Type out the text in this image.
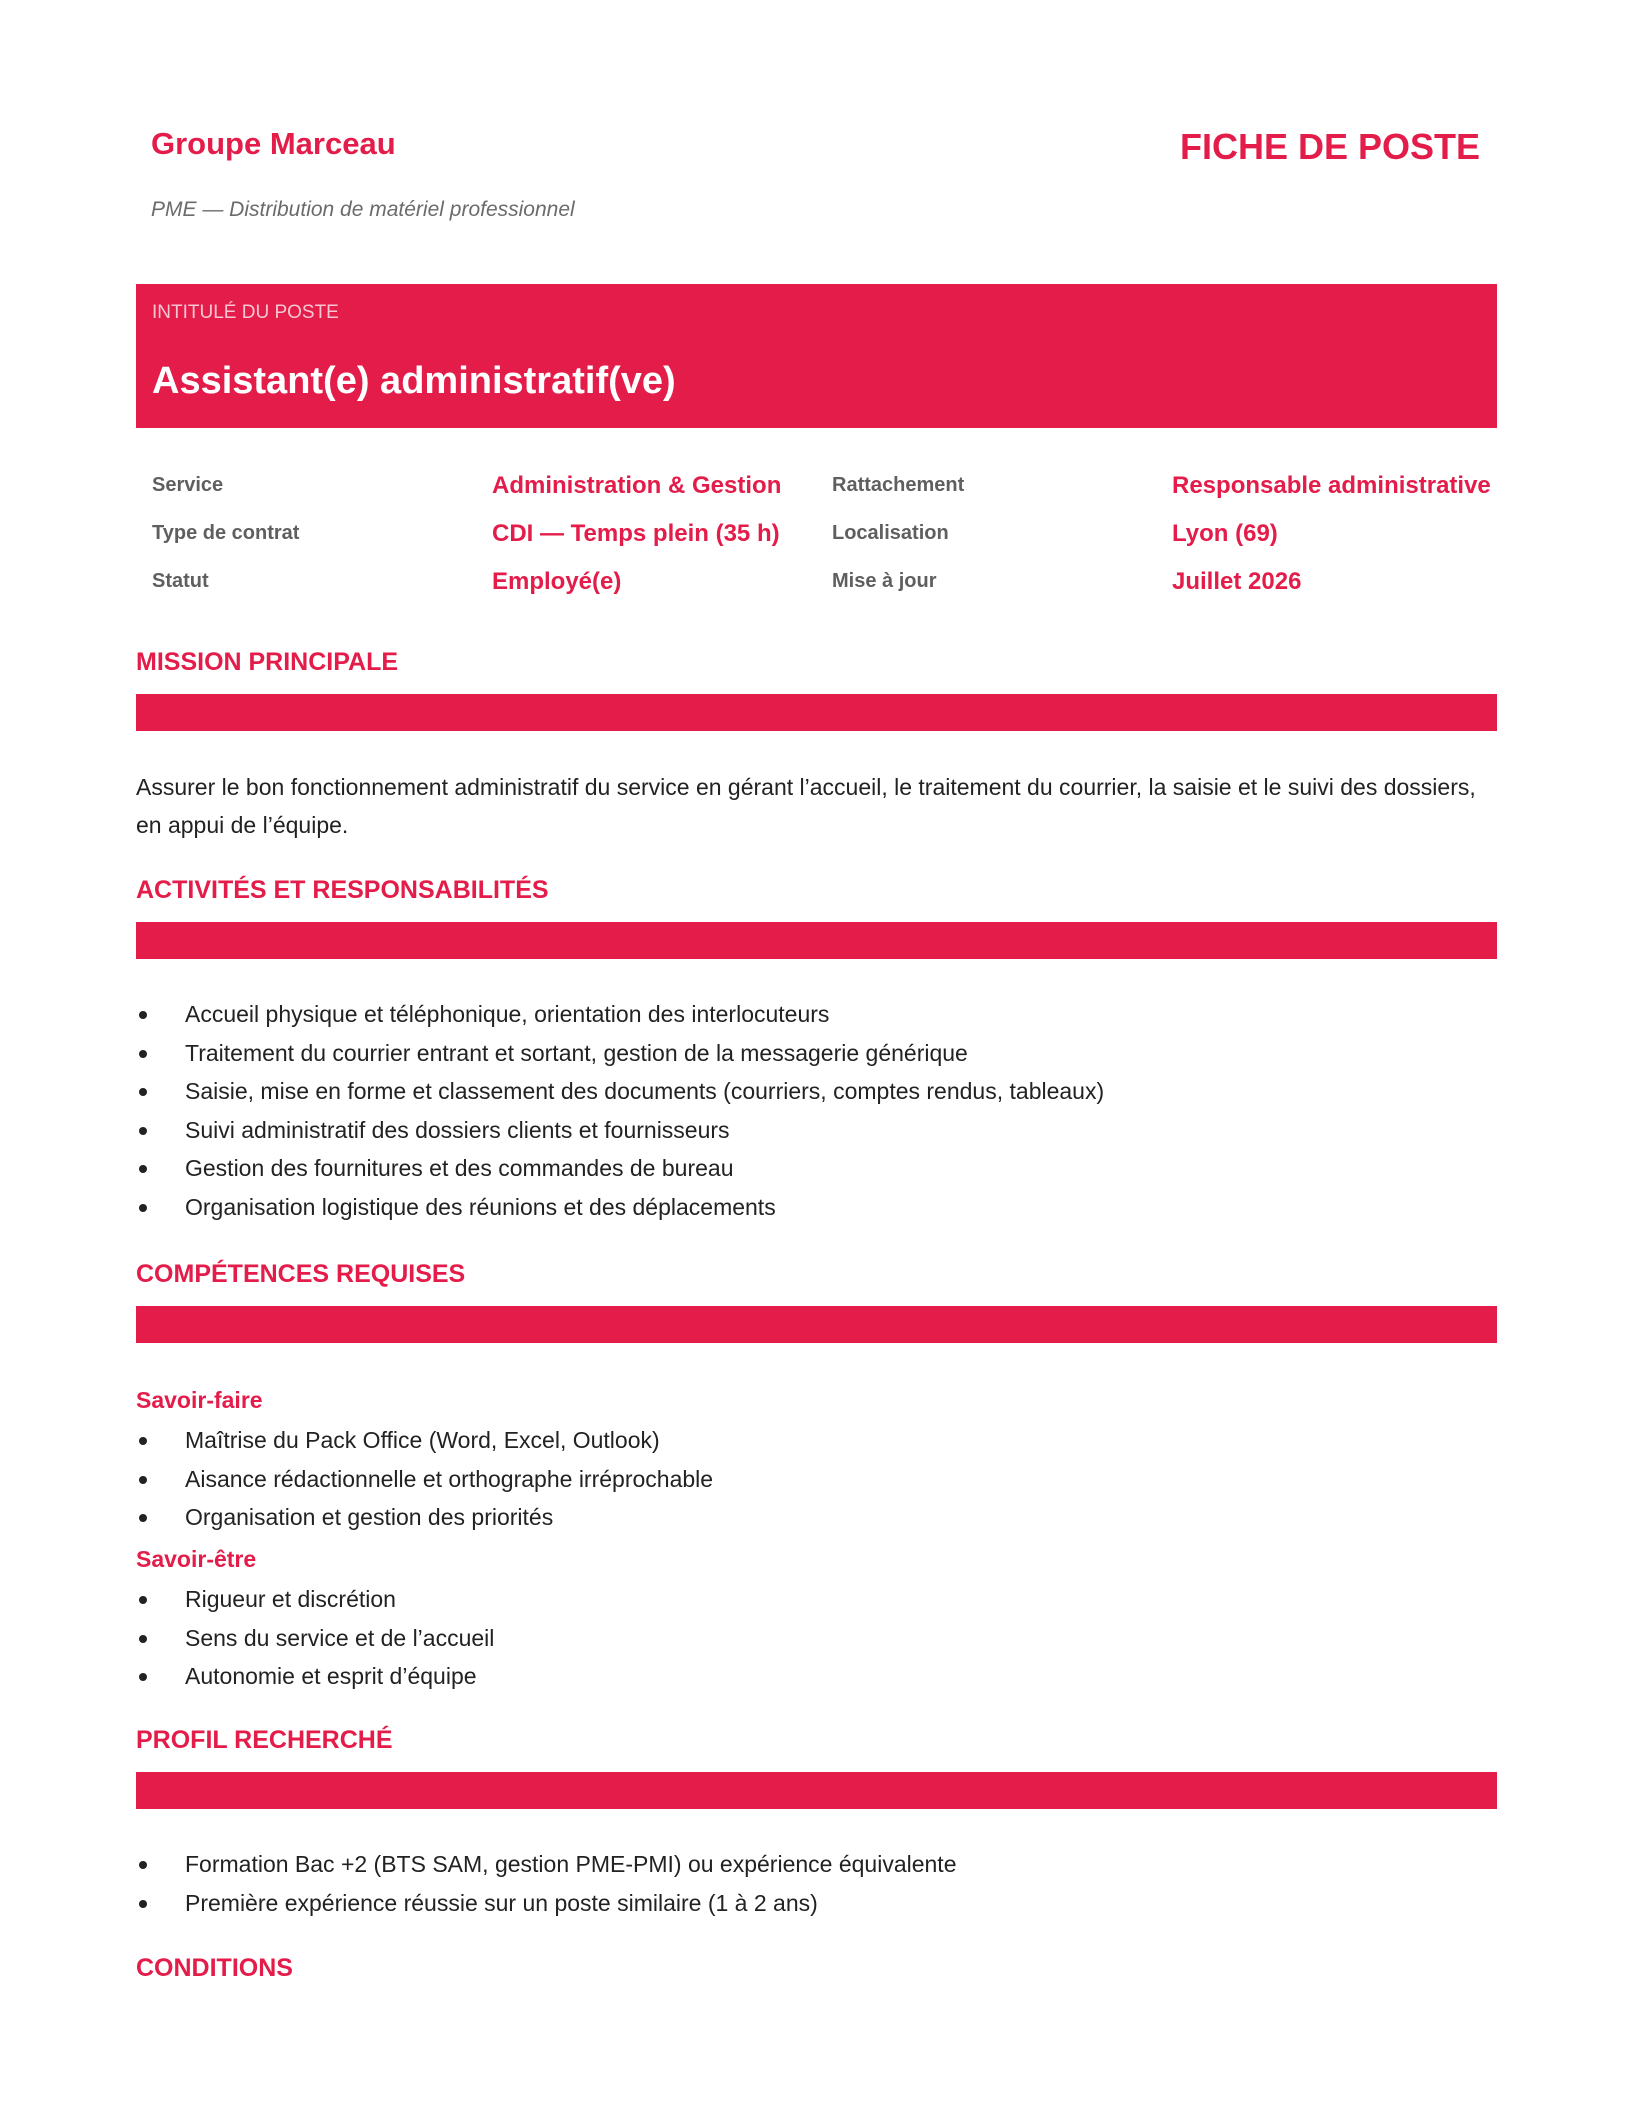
Groupe Marceau	FICHE DE POSTE
PME — Distribution de matériel professionnel
INTITULÉ DU POSTE
Assistant(e) administratif(ve)
Service	Administration & Gestion	Rattachement	Responsable administrative
Type de contrat	CDI — Temps plein (35 h)	Localisation	Lyon (69)
Statut	Employé(e)	Mise à jour	Juillet 2026
MISSION PRINCIPALE
Assurer le bon fonctionnement administratif du service en gérant l’accueil, le traitement du courrier, la saisie et le suivi des dossiers, en appui de l’équipe.
ACTIVITÉS ET RESPONSABILITÉS
Accueil physique et téléphonique, orientation des interlocuteurs
Traitement du courrier entrant et sortant, gestion de la messagerie générique
Saisie, mise en forme et classement des documents (courriers, comptes rendus, tableaux)
Suivi administratif des dossiers clients et fournisseurs
Gestion des fournitures et des commandes de bureau
Organisation logistique des réunions et des déplacements
COMPÉTENCES REQUISES
Savoir-faire
Maîtrise du Pack Office (Word, Excel, Outlook)
Aisance rédactionnelle et orthographe irréprochable
Organisation et gestion des priorités
Savoir-être
Rigueur et discrétion
Sens du service et de l’accueil
Autonomie et esprit d’équipe
PROFIL RECHERCHÉ
Formation Bac +2 (BTS SAM, gestion PME-PMI) ou expérience équivalente
Première expérience réussie sur un poste similaire (1 à 2 ans)
CONDITIONS
